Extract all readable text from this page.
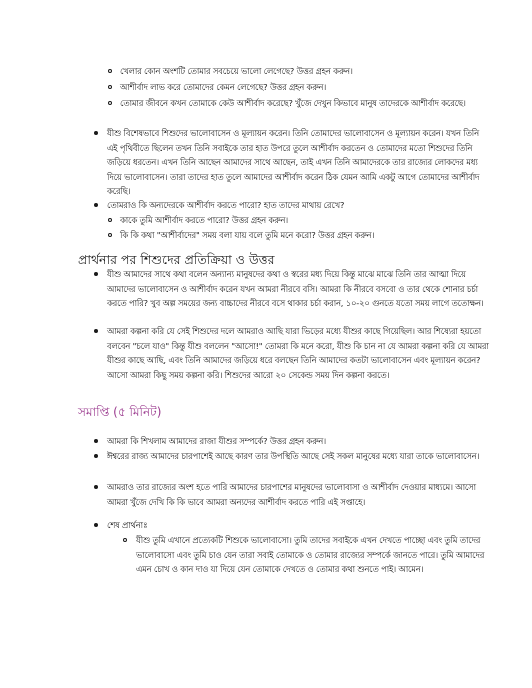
খেলার কোন অংশটি তোমার সবচেয়ে ভালো লেগেছে? উত্তর গ্রহন করুন।
আশীর্বাদ লাভ করে তোমাদের কেমন লেগেছে? উত্তর গ্রহন করুন।
তোমার জীবনে কখন তোমাকে কেউ আশীর্বাদ করেছে? খুঁজে দেখুন কিভাবে মানুষ তাদেরকে আশীর্বাদ করেছে।
যীশু বিশেষভাবে শিশুদের ভালোবাসেন ও মূল্যায়ন করেন। তিনি তোমাদের ভালোবাসেন ও মূল্যায়ন করেন। যখন তিনি এই পৃথিবীতে ছিলেন তখন তিনি সবাইকে তার হাত উপরে তুলে আশীর্বাদ করতেন ও তোমাদের মতো শিশুদের তিনি জড়িয়ে ধরতেন। এখন তিনি আছেন আমাদের সাথে আছেন, তাই এখন তিনি আমাদেরকে তার রাজ্যের লোকদের মধ্য দিয়ে ভালোবাসেন। তারা তাদের হাত তুলে আমাদের আশীর্বাদ করেন ঠিক যেমন আমি একটু আগে তোমাদের আশীর্বাদ করেছি।
তোমরাও কি অন্যদেরকে আশীর্বাদ করতে পারো? হাত তাদের মাথায় রেখে?
কাকে তুমি আশীর্বাদ করতে পারো? উত্তর গ্রহন করুন।
কি কি কথা "আশীর্বাদের" সময় বলা যায় বলে তুমি মনে করো? উত্তর গ্রহন করুন।
প্রার্থনার পর শিশুদের প্রতিক্রিয়া ও উত্তর
যীশু আমাদের সাথে কথা বলেন অন্যান্য মানুষদের কথা ও স্বরের মধ্য দিয়ে কিন্তু মাঝে মাঝে তিনি তার আত্মা দিয়ে আমাদের ভালোবাসেন ও আশীর্বাদ করেন যখন আমরা নীরবে বসি। আমরা কি নীরবে বসবো ও তার থেকে শোনার চর্চা করতে পারি? খুব অল্প সময়ের জন্য বাচ্চাদের নীরবে বসে থাকার চর্চা করান, ১০-২০ গুনতে যতো সময় লাগে ততোক্ষন।
আমরা কল্পনা করি যে সেই শিশুদের দলে আমরাও আছি যারা ভিড়ের মধ্যে যীশুর কাছে গিয়েছিল। আর শিষ্যেরা হয়তো বলবেন "চলে যাও" কিন্তু যীশু বললেন "আসো!" তোমরা কি মনে করো, যীশু কি চান না যে আমরা কল্পনা করি যে আমরা যীশুর কাছে আছি, এবং তিনি আমাদের জড়িয়ে ধরে বলছেন তিনি আমাদের কতটা ভালোবাসেন এবং মূল্যায়ন করেন? আসো আমরা কিছু সময় কল্পনা করি। শিশুদের আরো ২০ সেকেন্ড সময় দিন কল্পনা করতে।
সমাপ্তি (৫ মিনিট)
আমরা কি শিখলাম আমাদের রাজা যীশুর সম্পর্কে? উত্তর গ্রহন করুন।
ঈশ্বরের রাজ্য আমাদের চারপাশেই আছে কারণ তার উপস্থিতি আছে সেই সকল মানুষের মধ্যে যারা তাকে ভালোবাসেন।
আমরাও তার রাজ্যের অংশ হতে পারি আমাদের চারপাশের মানুষদের ভালোবাসা ও আশীর্বাদ দেওয়ার মাধ্যমে। আসো আমরা খুঁজে দেখি কি কি ভাবে আমরা অন্যদের আশীর্বাদ করতে পারি এই সপ্তাহে।
শেষ প্রার্থনাঃ
যীশু তুমি এখানে প্রত্যেকটি শিশুকে ভালোবাসো। তুমি তাদের সবাইকে এখন দেখতে পাচ্ছো এবং তুমি তাদের ভালোবাসো এবং তুমি চাও যেন তারা সবাই তোমাকে ও তোমার রাজ্যের সম্পর্কে জানতে পারে। তুমি আমাদের এমন চোখ ও কান দাও যা দিয়ে যেন তোমাকে দেখতে ও তোমার কথা শুনতে পাই। আমেন।
